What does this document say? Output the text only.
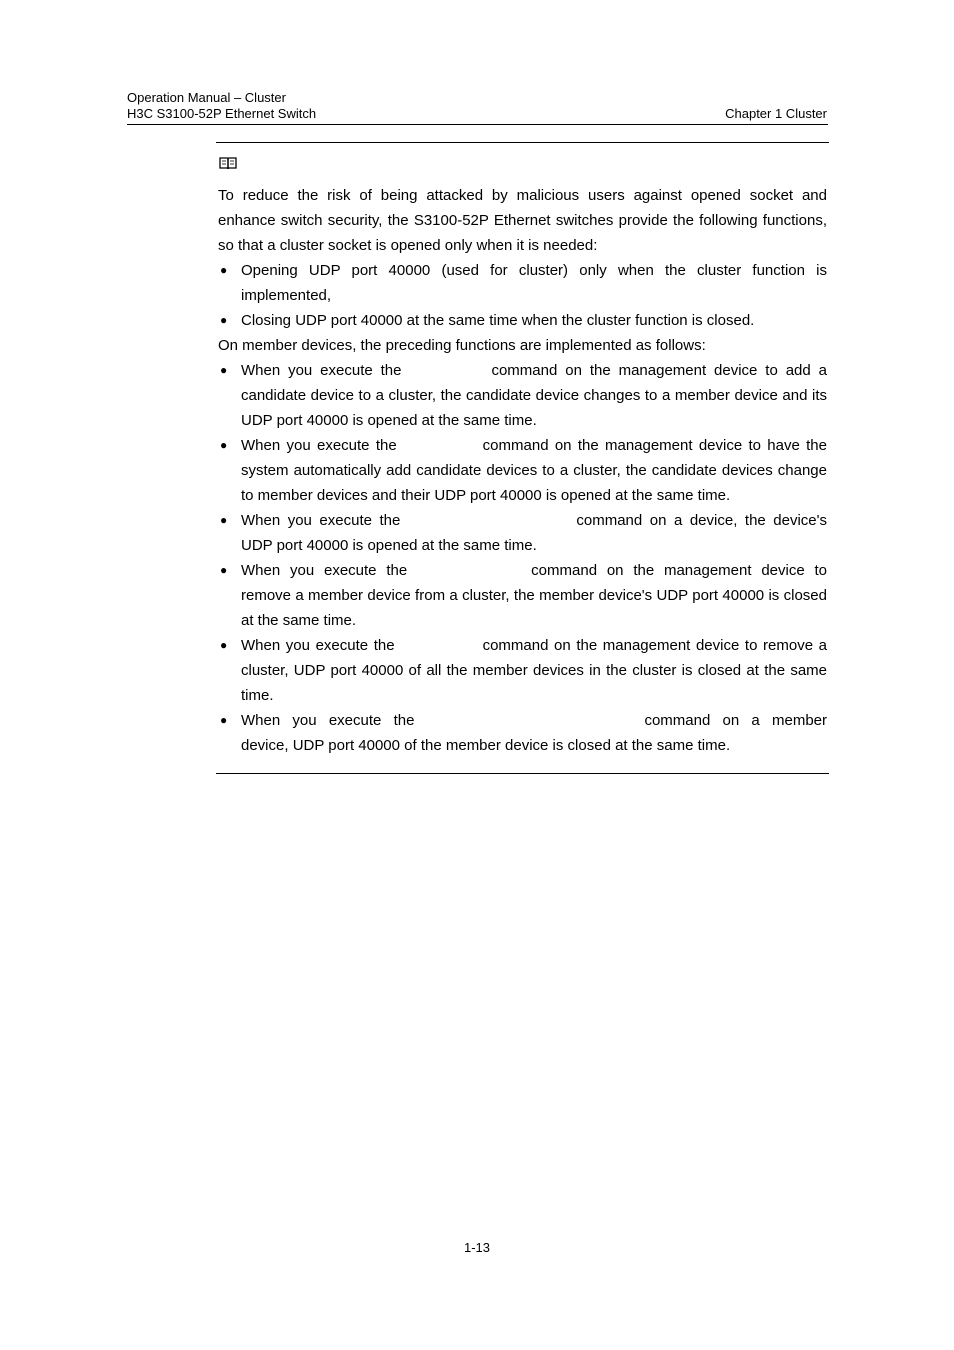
Operation Manual – Cluster
H3C S3100-52P Ethernet Switch	Chapter 1 Cluster

To reduce the risk of being attacked by malicious users against opened socket and enhance switch security, the S3100-52P Ethernet switches provide the following functions, so that a cluster socket is opened only when it is needed:

● Opening UDP port 40000 (used for cluster) only when the cluster function is implemented,
● Closing UDP port 40000 at the same time when the cluster function is closed.

On member devices, the preceding functions are implemented as follows:

● When you execute the	command on the management device to add a candidate device to a cluster, the candidate device changes to a member device and its UDP port 40000 is opened at the same time.
● When you execute the	command on the management device to have the system automatically add candidate devices to a cluster, the candidate devices change to member devices and their UDP port 40000 is opened at the same time.
● When you execute the	command on a device, the device's UDP port 40000 is opened at the same time.
● When you execute the	command on the management device to remove a member device from a cluster, the member device's UDP port 40000 is closed at the same time.
● When you execute the	command on the management device to remove a cluster, UDP port 40000 of all the member devices in the cluster is closed at the same time.
● When you execute the	command on a member device, UDP port 40000 of the member device is closed at the same time.
1-13
